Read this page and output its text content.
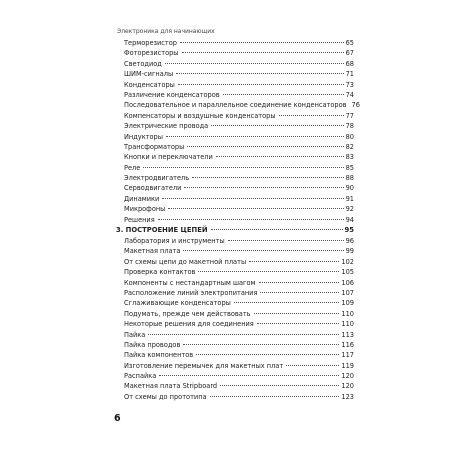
Электроника для начинающих
Терморезистор	65
Фоторезисторы	67
Светодиод	68
ШИМ-сигналы	71
Конденсаторы	73
Различение конденсаторов	74
Последовательное и параллельное соединение конденсаторов 76
Компенсаторы и воздушные конденсаторы	77
Электрические провода	78
Индукторы	80
Трансформаторы	82
Кнопки и переключатели	83
Реле	85
Электродвигатель	88
Серводвигатели	90
Динамики	91
Микрофоны	92
Решения	94
3. ПОСТРОЕНИЕ ЦЕПЕЙ	95
Лаборатория и инструменты	96
Макетная плата	99
От схемы цепи до макетной платы	102
Проверка контактов	105
Компоненты с нестандартным шагом	106
Расположение линий электропитания	107
Сглаживающие конденсаторы	109
Подумать, прежде чем действовать	110
Некоторые решения для соединения	110
Пайка	113
Пайка проводов	116
Пайка компонентов	117
Изготовление перемычек для макетных плат	119
Распайка	120
Макетная плата Stripboard	120
От схемы до прототипа	123
6
